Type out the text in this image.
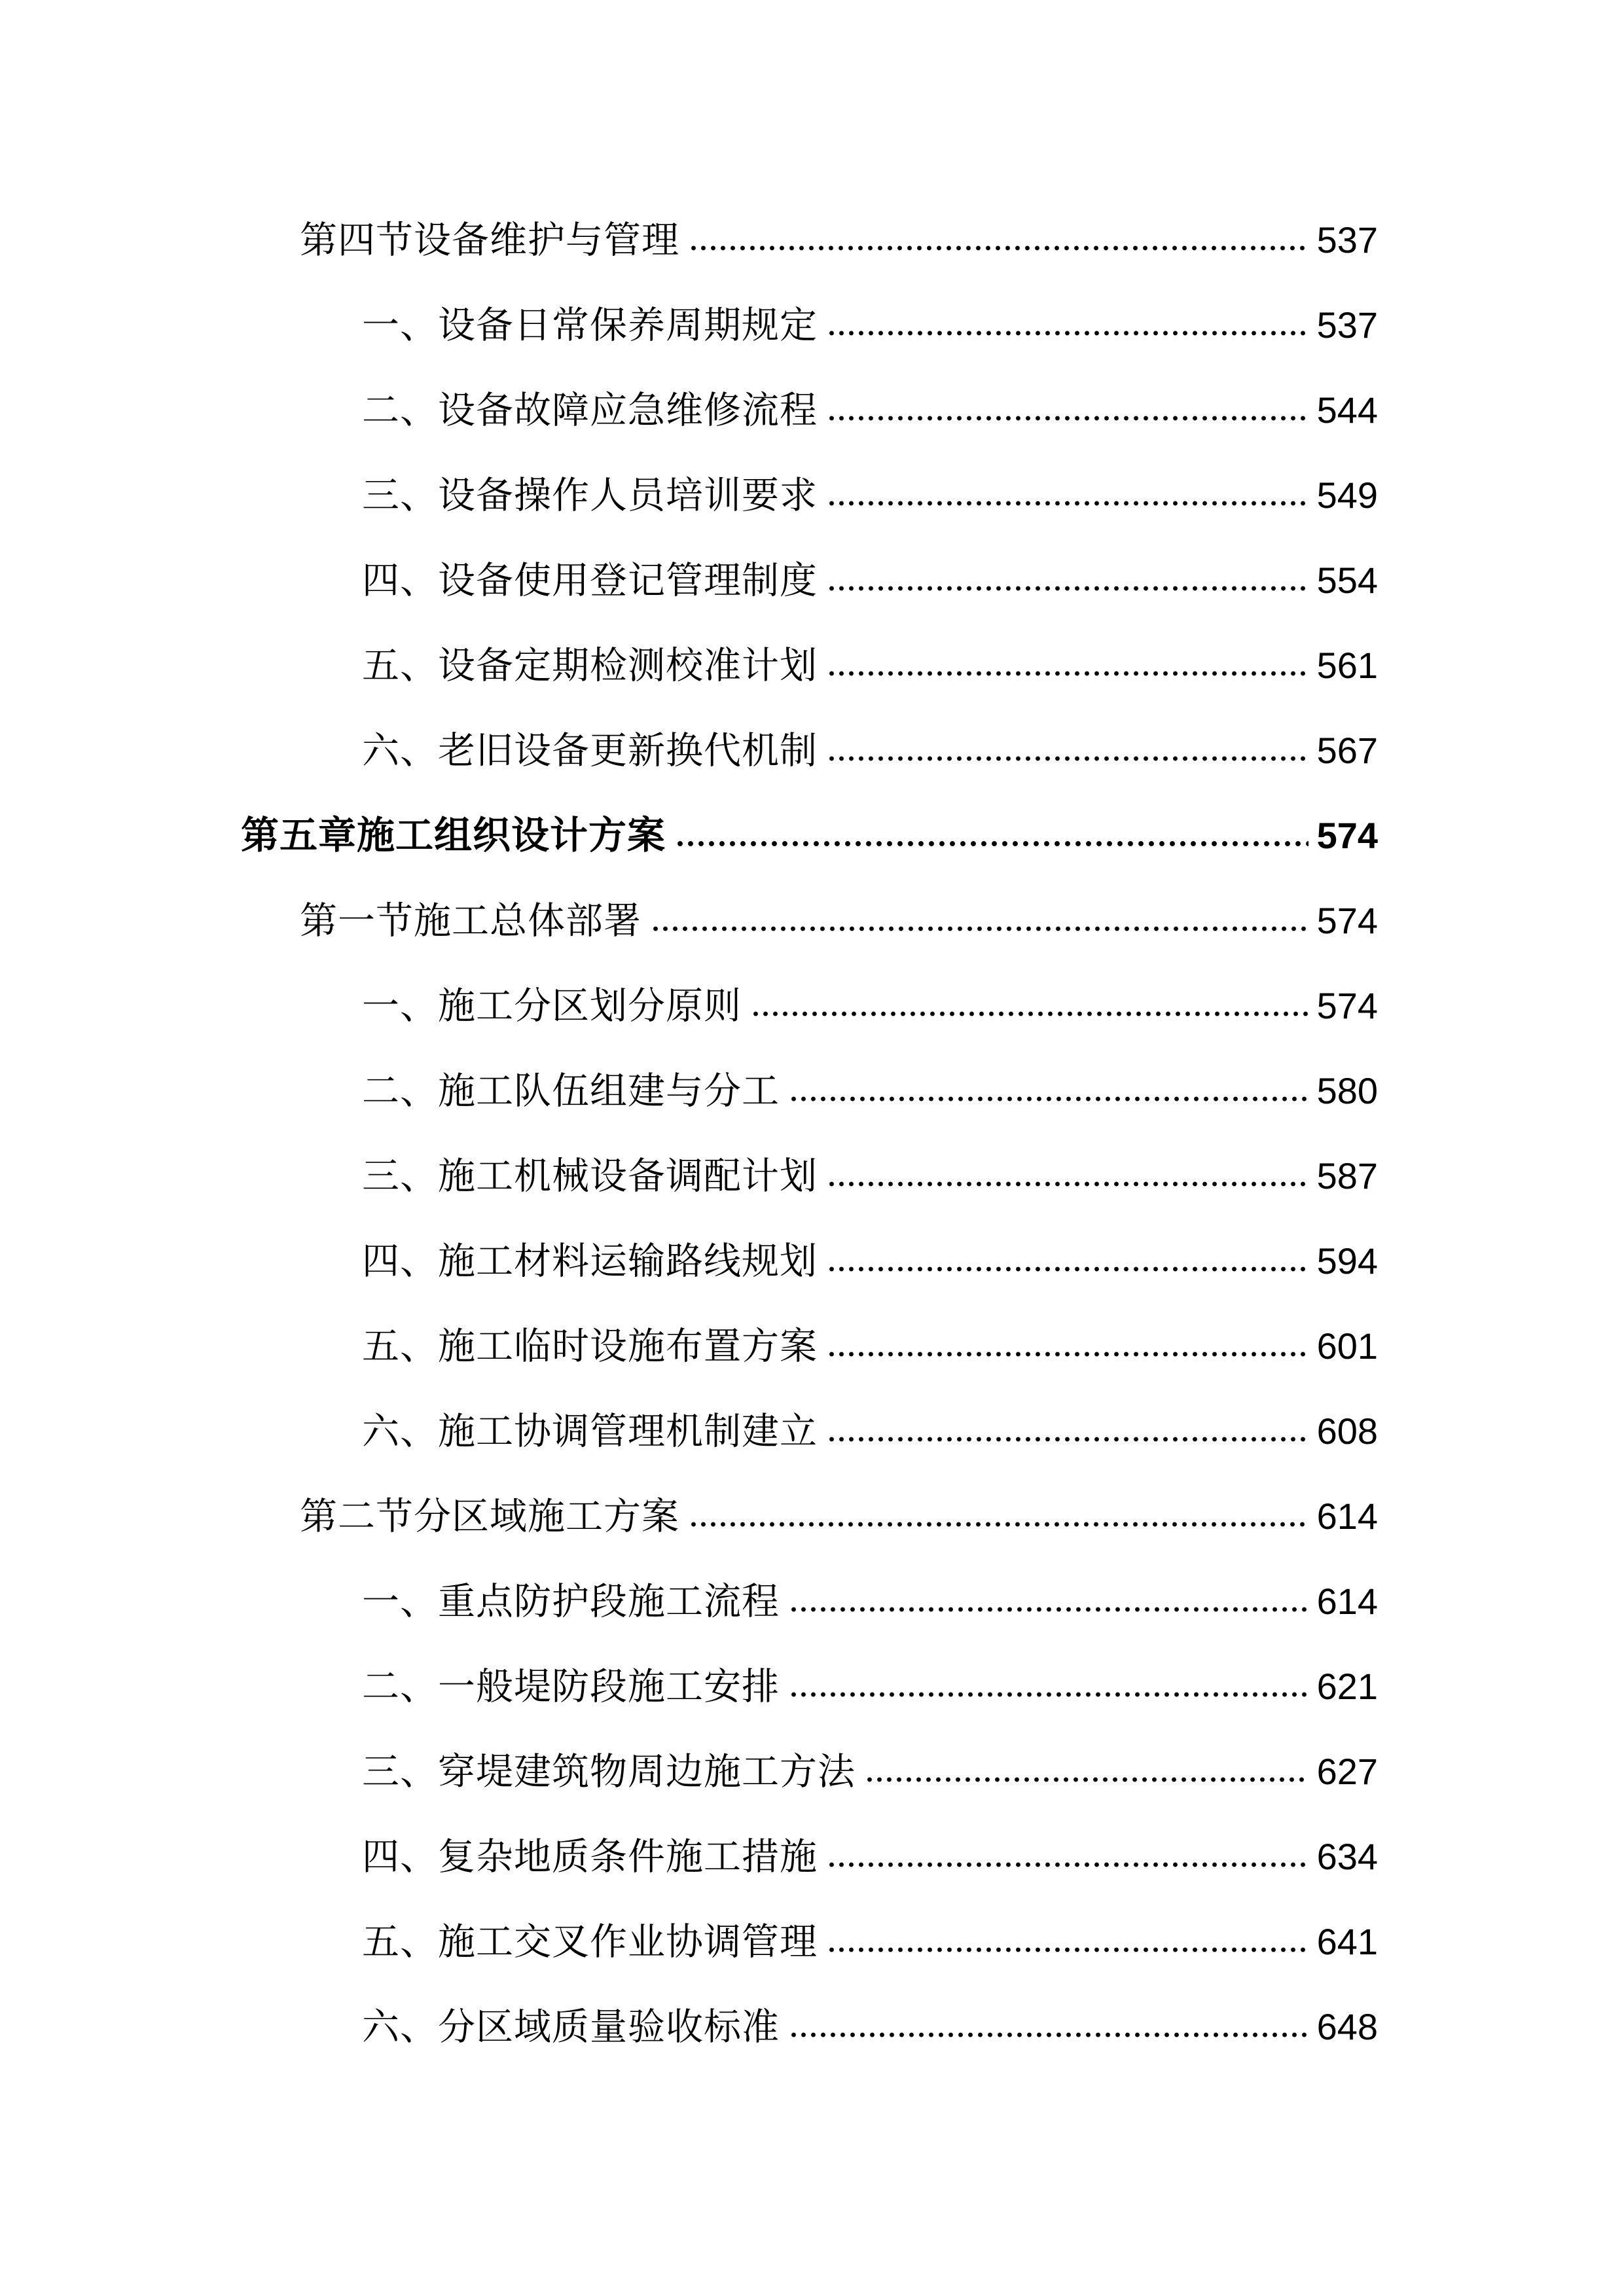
第四节设备维护与管理	537
一、设备日常保养周期规定	537
二、设备故障应急维修流程	544
三、设备操作人员培训要求	549
四、设备使用登记管理制度	554
五、设备定期检测校准计划	561
六、老旧设备更新换代机制	567
第五章施工组织设计方案	574
第一节施工总体部署	574
一、施工分区划分原则	574
二、施工队伍组建与分工	580
三、施工机械设备调配计划	587
四、施工材料运输路线规划	594
五、施工临时设施布置方案	601
六、施工协调管理机制建立	608
第二节分区域施工方案	614
一、重点防护段施工流程	614
二、一般堤防段施工安排	621
三、穿堤建筑物周边施工方法	627
四、复杂地质条件施工措施	634
五、施工交叉作业协调管理	641
六、分区域质量验收标准	648
